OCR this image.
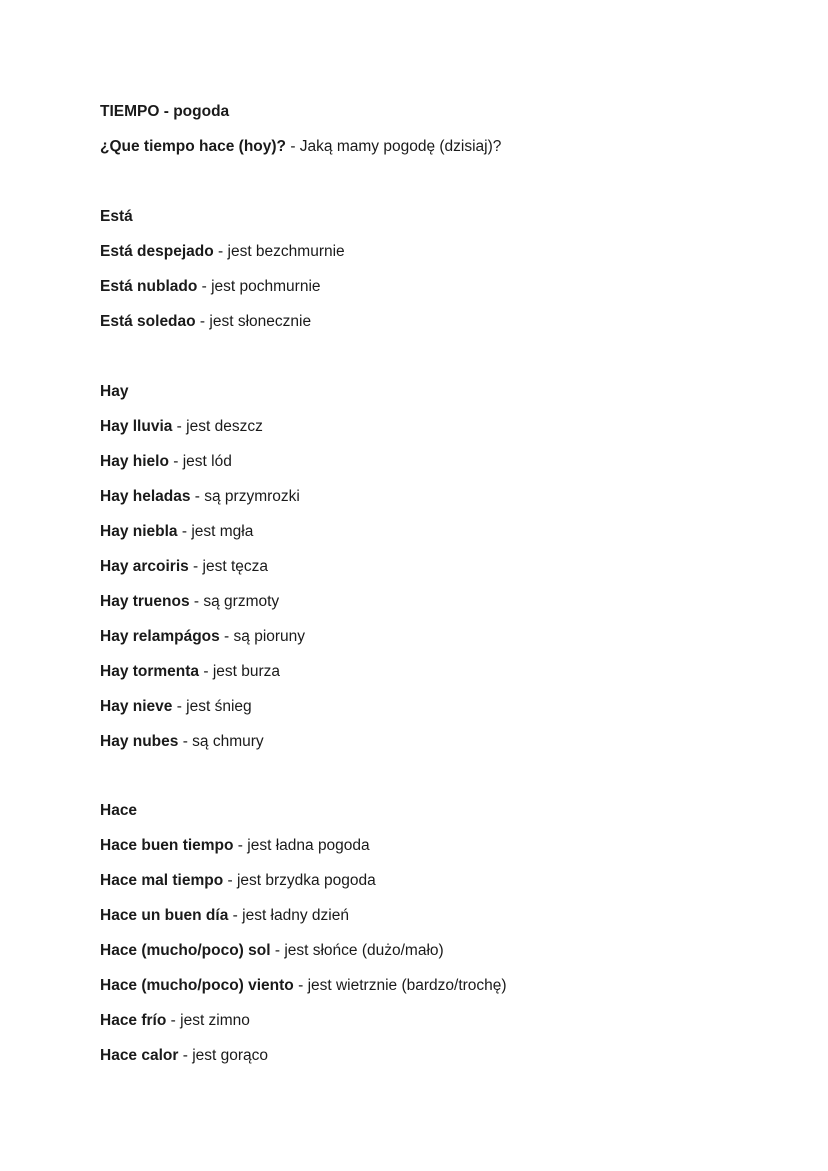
TIEMPO - pogoda
¿Que tiempo hace (hoy)? - Jaką mamy pogodę (dzisiaj)?
Está
Está despejado - jest bezchmurnie
Está nublado - jest pochmurnie
Está soledao - jest słonecznie
Hay
Hay lluvia - jest deszcz
Hay hielo - jest lód
Hay heladas - są przymrozki
Hay niebla - jest mgła
Hay arcoiris - jest tęcza
Hay truenos - są grzmoty
Hay relampágos - są pioruny
Hay tormenta - jest burza
Hay nieve - jest śnieg
Hay nubes - są chmury
Hace
Hace buen tiempo - jest ładna pogoda
Hace mal tiempo - jest brzydka pogoda
Hace un buen día - jest ładny dzień
Hace (mucho/poco) sol - jest słońce (dużo/mało)
Hace (mucho/poco) viento - jest wietrznie (bardzo/trochę)
Hace frío - jest zimno
Hace calor - jest gorąco
